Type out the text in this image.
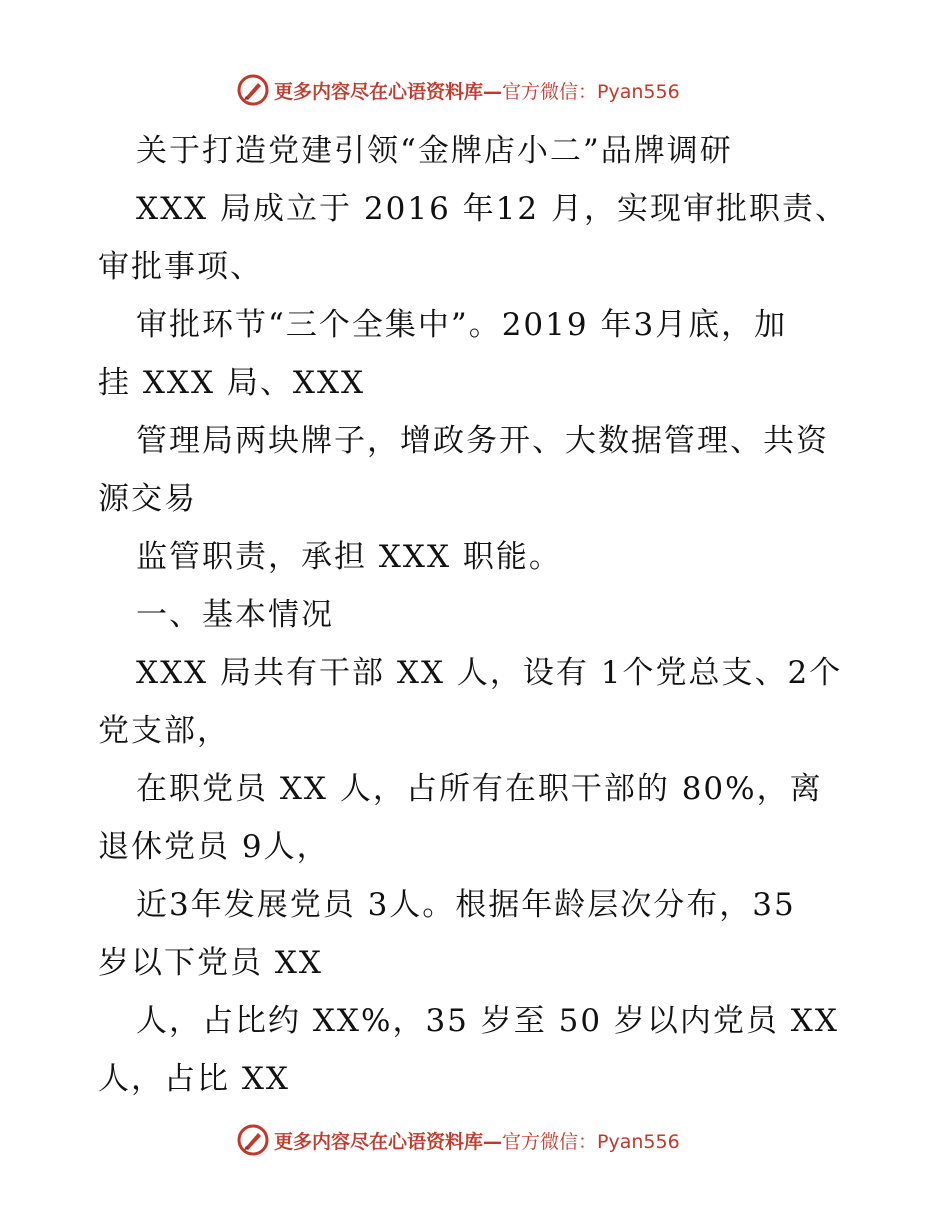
更多内容尽在心语资料库— 官方微信：Pyan556
关于打造党建引领“金牌店小二”品牌调研
XXX 局成立于 2016 年12 月，实现审批职责、
审批事项、
审批环节“三个全集中”。2019 年3月底，加
挂 XXX 局、XXX
管理局两块牌子，增政务开、大数据管理、共资
源交易
监管职责，承担 XXX 职能。
一、基本情况
XXX 局共有干部 XX 人，设有 1个党总支、2个
党支部，
在职党员 XX 人，占所有在职干部的 80%，离
退休党员 9人，
近3年发展党员 3人。根据年龄层次分布，35
岁以下党员 XX
人，占比约 XX%，35 岁至 50 岁以内党员 XX
人，占比 XX
更多内容尽在心语资料库— 官方微信：Pyan556
